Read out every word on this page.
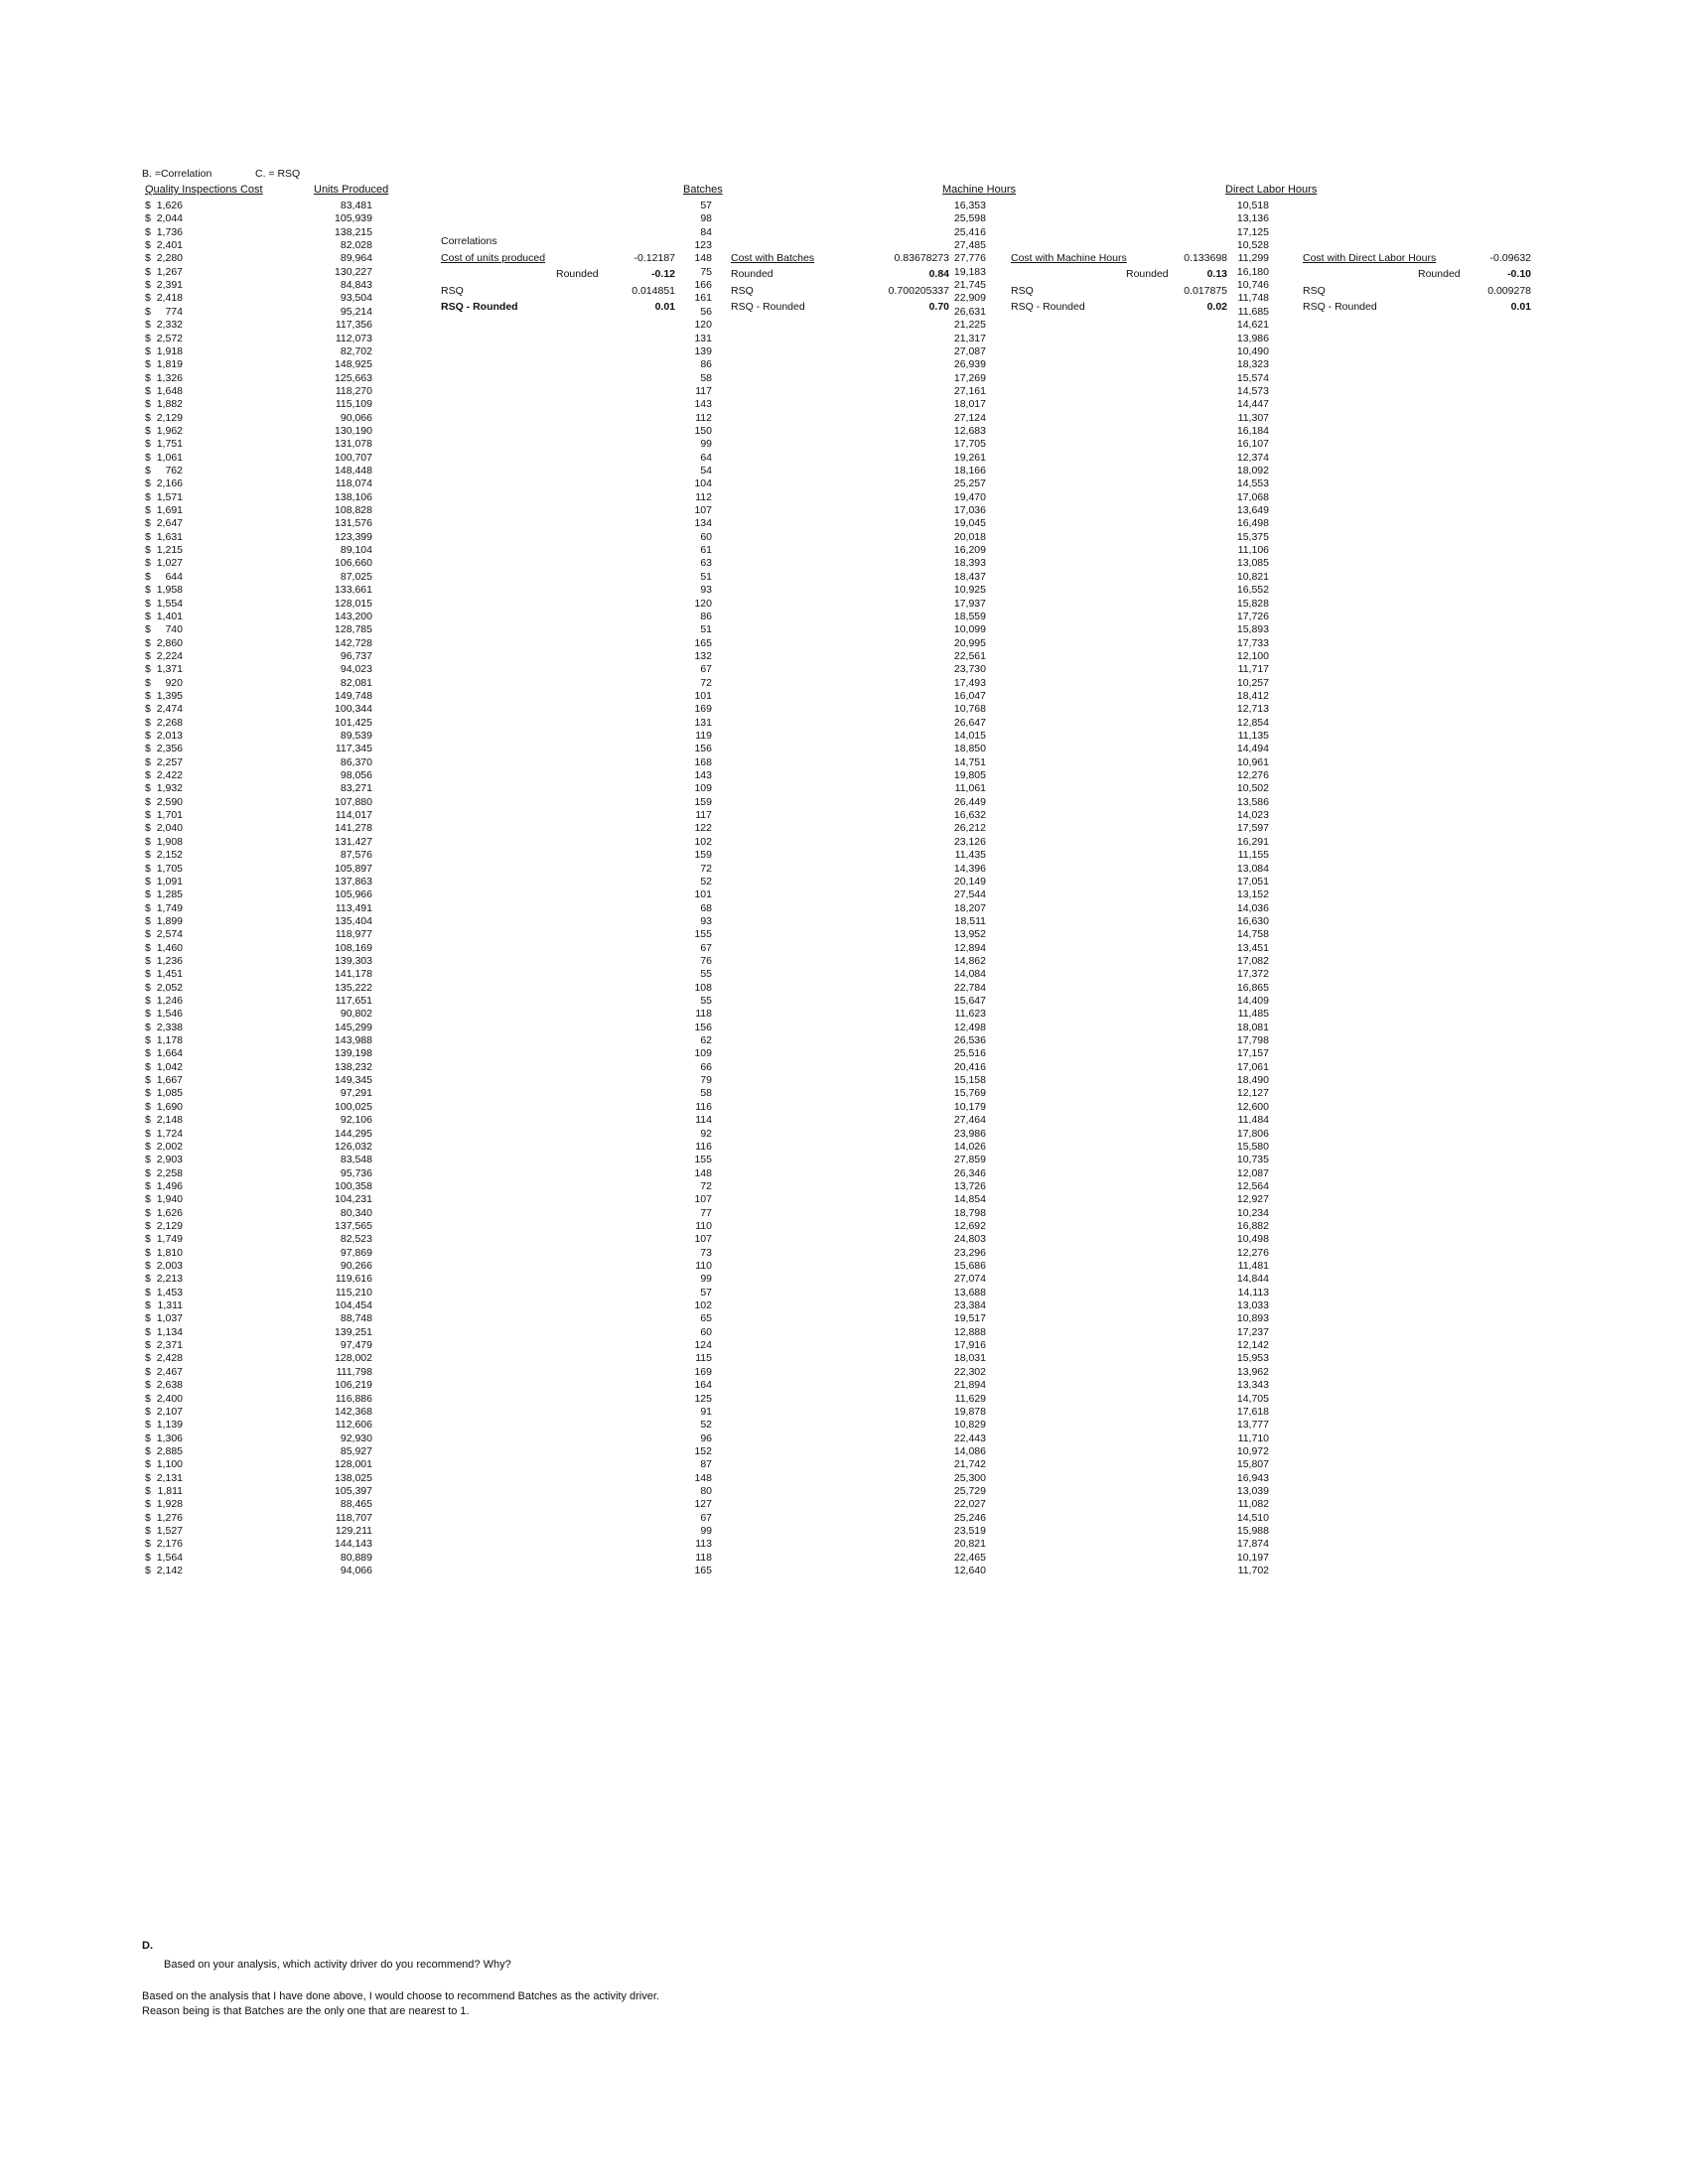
B. =Correlation	C. = RSQ
Quality Inspections Cost	Units Produced	Batches	Machine Hours	Direct Labor Hours
Correlations
Cost of units produced	-0.12187
Rounded	-0.12
RSQ	0.014851
RSQ - Rounded	0.01
Cost with Batches	0.83678273
Rounded	0.84
RSQ	0.700205337
RSQ - Rounded	0.70
Cost with Machine Hours	0.133698
Rounded	0.13
RSQ	0.017875
RSQ - Rounded	0.02
Cost with Direct Labor Hours	-0.09632
Rounded	-0.10
RSQ	0.009278
RSQ - Rounded	0.01
$ 1,626	83,481	57	16,353	10,518
$ 2,044	105,939	98	25,598	13,136
$ 1,736	138,215	84	25,416	17,125
$ 2,401	82,028	123	27,485	10,528
$ 2,280	89,964	148	27,776	11,299
$ 1,267	130,227	75	19,183	16,180
$ 2,391	84,843	166	21,745	10,746
$ 2,418	93,504	161	22,909	11,748
$	774	95,214	56	26,631	11,685
$ 2,332	117,356	120	21,225	14,621
$ 2,572	112,073	131	21,317	13,986
$ 1,918	82,702	139	27,087	10,490
$ 1,819	148,925	86	26,939	18,323
$ 1,326	125,663	58	17,269	15,574
$ 1,648	118,270	117	27,161	14,573
$ 1,882	115,109	143	18,017	14,447
$ 2,129	90,066	112	27,124	11,307
$ 1,962	130,190	150	12,683	16,184
$ 1,751	131,078	99	17,705	16,107
$ 1,061	100,707	64	19,261	12,374
$	762	148,448	54	18,166	18,092
$ 2,166	118,074	104	25,257	14,553
$ 1,571	138,106	112	19,470	17,068
$ 1,691	108,828	107	17,036	13,649
$ 2,647	131,576	134	19,045	16,498
$ 1,631	123,399	60	20,018	15,375
$ 1,215	89,104	61	16,209	11,106
$ 1,027	106,660	63	18,393	13,085
$	644	87,025	51	18,437	10,821
$ 1,958	133,661	93	10,925	16,552
$ 1,554	128,015	120	17,937	15,828
$ 1,401	143,200	86	18,559	17,726
$	740	128,785	51	10,099	15,893
$ 2,860	142,728	165	20,995	17,733
$ 2,224	96,737	132	22,561	12,100
$ 1,371	94,023	67	23,730	11,717
$	920	82,081	72	17,493	10,257
$ 1,395	149,748	101	16,047	18,412
$ 2,474	100,344	169	10,768	12,713
$ 2,268	101,425	131	26,647	12,854
$ 2,013	89,539	119	14,015	11,135
$ 2,356	117,345	156	18,850	14,494
$ 2,257	86,370	168	14,751	10,961
$ 2,422	98,056	143	19,805	12,276
$ 1,932	83,271	109	11,061	10,502
$ 2,590	107,880	159	26,449	13,586
$ 1,701	114,017	117	16,632	14,023
$ 2,040	141,278	122	26,212	17,597
$ 1,908	131,427	102	23,126	16,291
$ 2,152	87,576	159	11,435	11,155
$ 1,705	105,897	72	14,396	13,084
$ 1,091	137,863	52	20,149	17,051
$ 1,285	105,966	101	27,544	13,152
$ 1,749	113,491	68	18,207	14,036
$ 1,899	135,404	93	18,511	16,630
$ 2,574	118,977	155	13,952	14,758
$ 1,460	108,169	67	12,894	13,451
$ 1,236	139,303	76	14,862	17,082
$ 1,451	141,178	55	14,084	17,372
$ 2,052	135,222	108	22,784	16,865
$ 1,246	117,651	55	15,647	14,409
$ 1,546	90,802	118	11,623	11,485
$ 2,338	145,299	156	12,498	18,081
$ 1,178	143,988	62	26,536	17,798
$ 1,664	139,198	109	25,516	17,157
$ 1,042	138,232	66	20,416	17,061
$ 1,667	149,345	79	15,158	18,490
$ 1,085	97,291	58	15,769	12,127
$ 1,690	100,025	116	10,179	12,600
$ 2,148	92,106	114	27,464	11,484
$ 1,724	144,295	92	23,986	17,806
$ 2,002	126,032	116	14,026	15,580
$ 2,903	83,548	155	27,859	10,735
$ 2,258	95,736	148	26,346	12,087
$ 1,496	100,358	72	13,726	12,564
$ 1,940	104,231	107	14,854	12,927
$ 1,626	80,340	77	18,798	10,234
$ 2,129	137,565	110	12,692	16,882
$ 1,749	82,523	107	24,803	10,498
$ 1,810	97,869	73	23,296	12,276
$ 2,003	90,266	110	15,686	11,481
$ 2,213	119,616	99	27,074	14,844
$ 1,453	115,210	57	13,688	14,113
$ 1,311	104,454	102	23,384	13,033
$ 1,037	88,748	65	19,517	10,893
$ 1,134	139,251	60	12,888	17,237
$ 2,371	97,479	124	17,916	12,142
$ 2,428	128,002	115	18,031	15,953
$ 2,467	111,798	169	22,302	13,962
$ 2,638	106,219	164	21,894	13,343
$ 2,400	116,886	125	11,629	14,705
$ 2,107	142,368	91	19,878	17,618
$ 1,139	112,606	52	10,829	13,777
$ 1,306	92,930	96	22,443	11,710
$ 2,885	85,927	152	14,086	10,972
$ 1,100	128,001	87	21,742	15,807
$ 2,131	138,025	148	25,300	16,943
$ 1,811	105,397	80	25,729	13,039
$ 1,928	88,465	127	22,027	11,082
$ 1,276	118,707	67	25,246	14,510
$ 1,527	129,211	99	23,519	15,988
$ 2,176	144,143	113	20,821	17,874
$ 1,564	80,889	118	22,465	10,197
$ 2,142	94,066	165	12,640	11,702
D.
Based on your analysis, which activity driver do you recommend? Why?
Based on the analysis that I have done above, I would choose to recommend Batches as the activity driver.
Reason being is that Batches are the only one that are nearest to 1.
